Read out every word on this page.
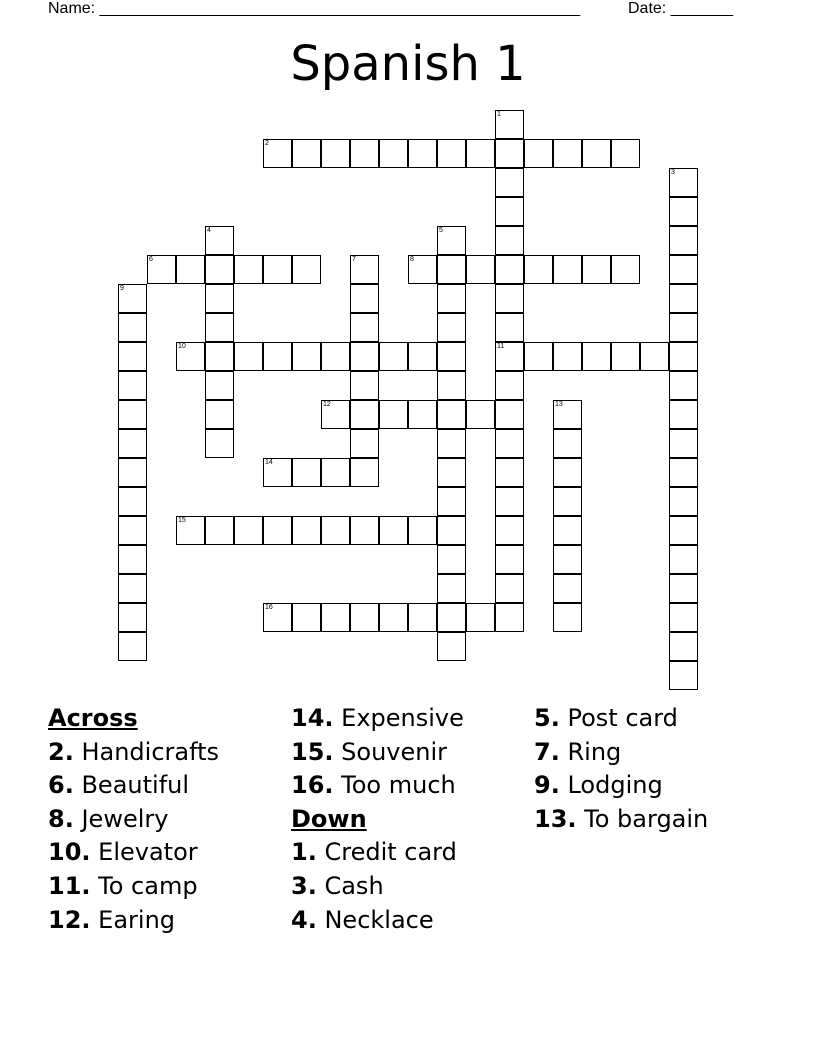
Name: ______________________________________________________	Date: _______
Spanish 1
1
11
2
3
4	5
6	7	8
9
10
12	13
14
15
16
Across
2. Handicrafts
6. Beautiful
8. Jewelry
10. Elevator
11. To camp
12. Earing
14. Expensive
15. Souvenir
16. Too much
Down
1. Credit card
3. Cash
4. Necklace
5. Post card
7. Ring
9. Lodging
13. To bargain
